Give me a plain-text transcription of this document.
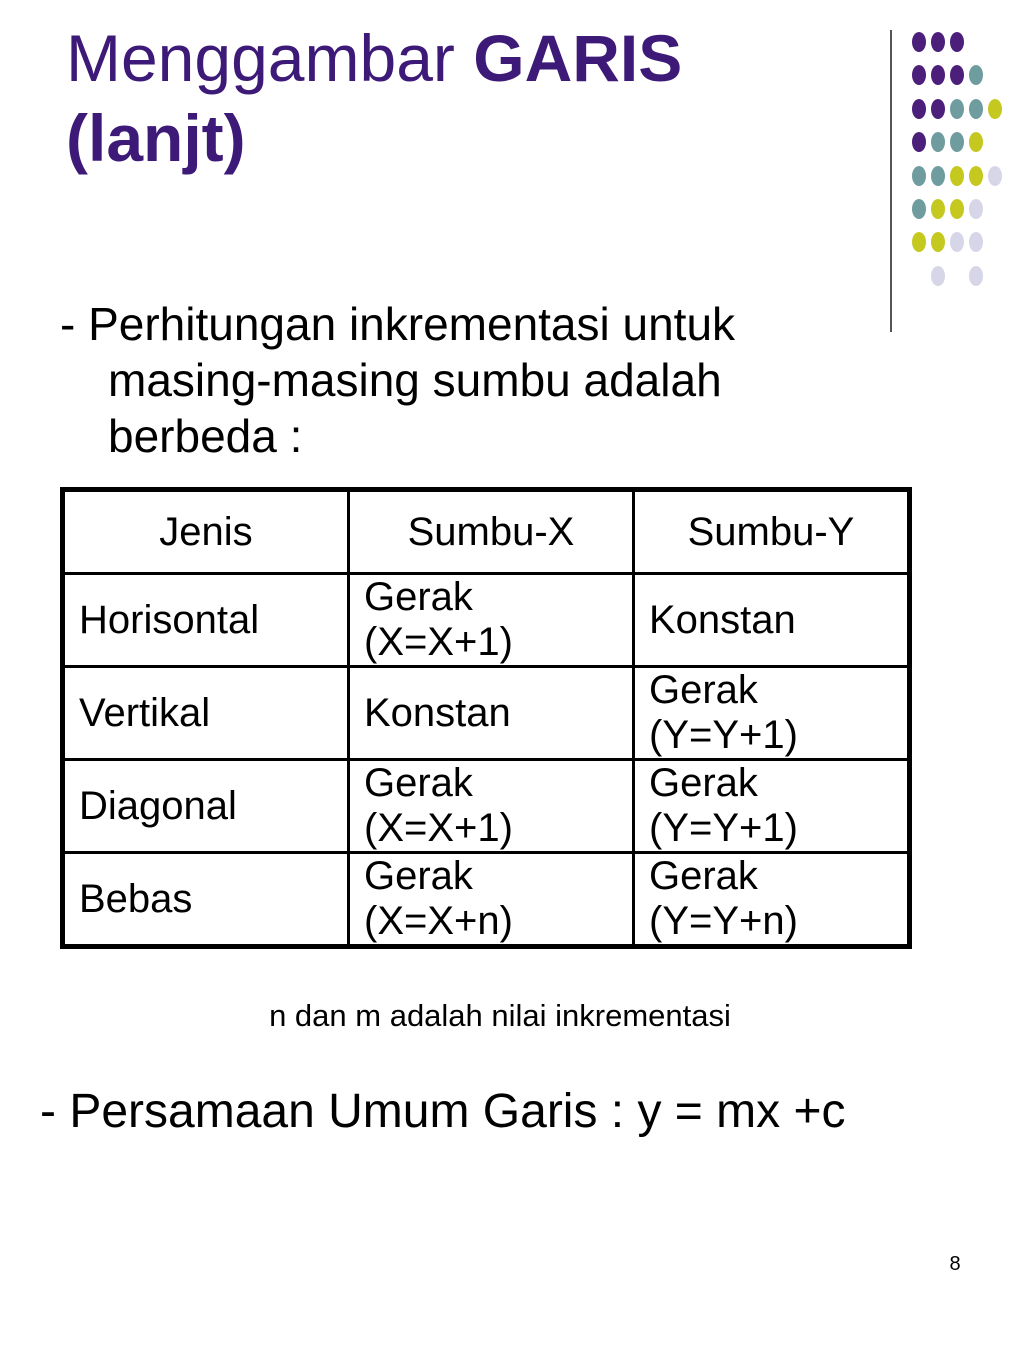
Menggambar GARIS
(lanjt)

- Perhitungan inkrementasi untuk

masing-masing sumbu adalah
berbeda :

Jenis	Sumbu-X	Sumbu-Y
Horisontal	Gerak (X=X+1)	Konstan
Vertikal	Konstan	Gerak (Y=Y+1)
Diagonal	Gerak (X=X+1)	Gerak (Y=Y+1)
Bebas	Gerak (X=X+n)	Gerak (Y=Y+n)

n dan m adalah nilai inkrementasi

- Persamaan Umum Garis : y = mx +c

8
